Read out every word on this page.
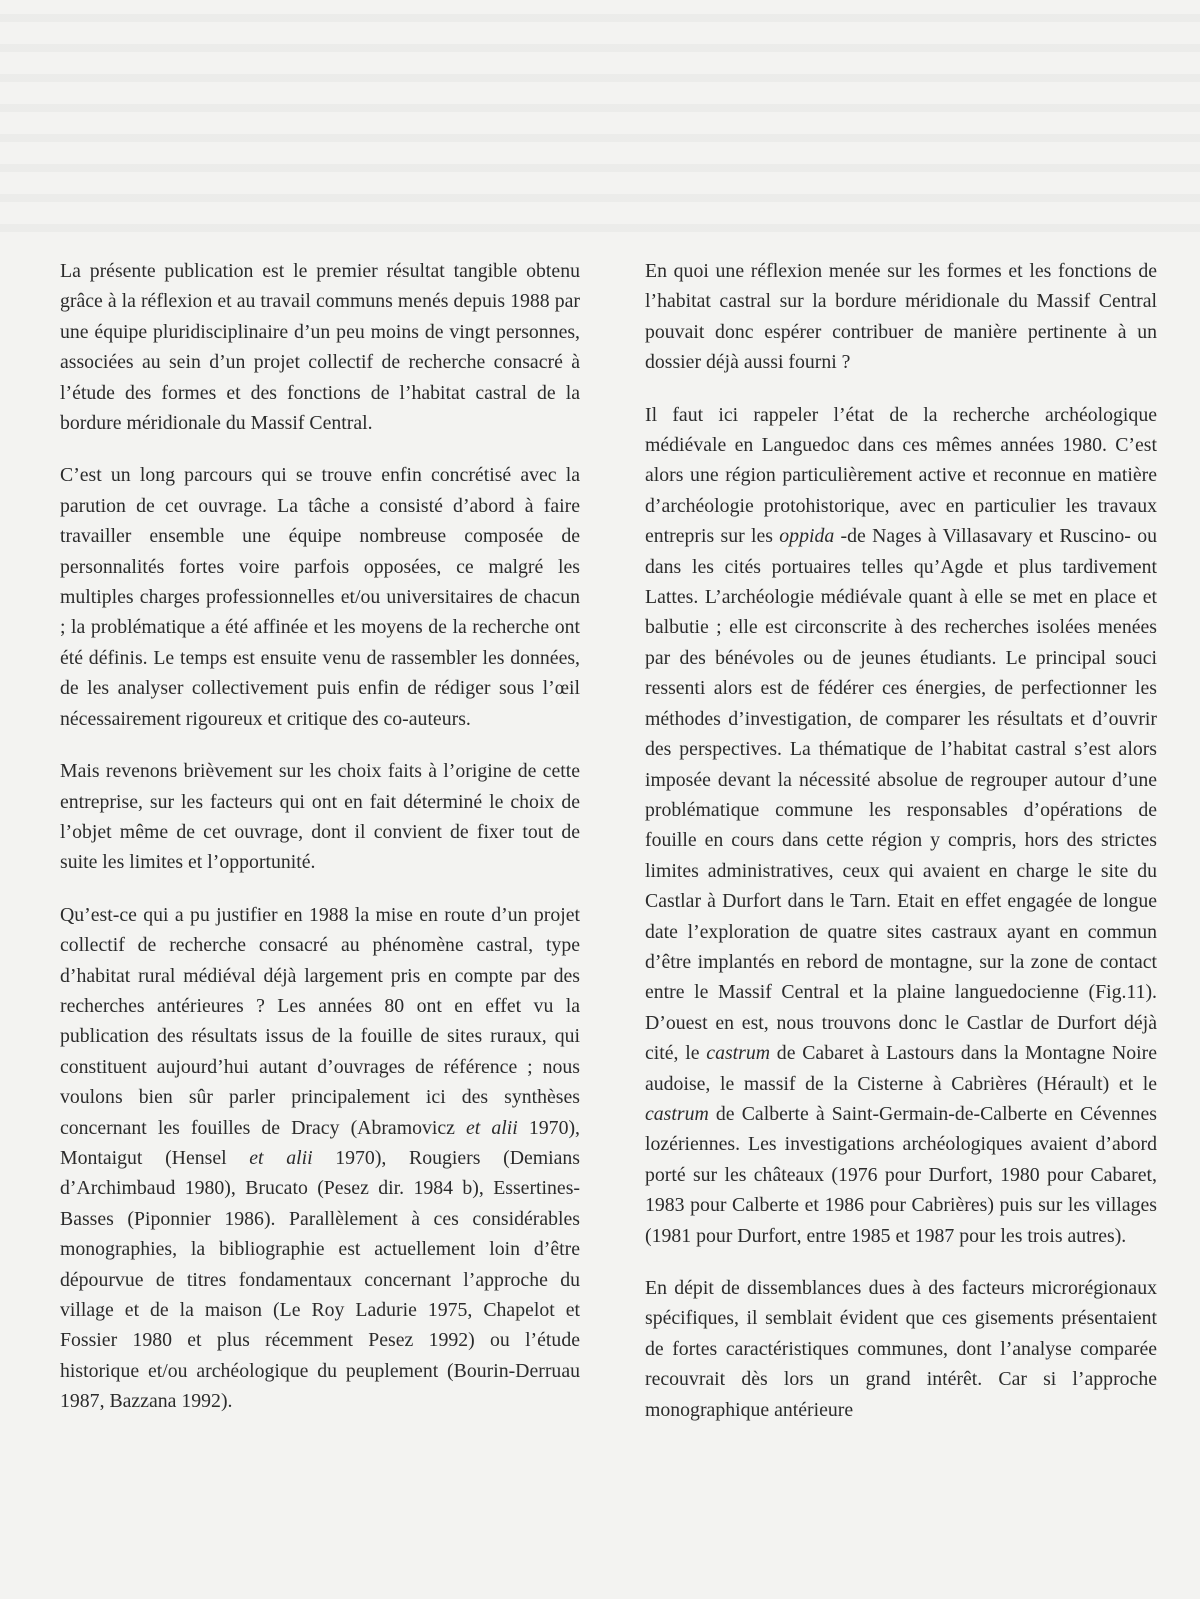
La présente publication est le premier résultat tangible obtenu grâce à la réflexion et au travail communs menés depuis 1988 par une équipe pluridisciplinaire d’un peu moins de vingt personnes, associées au sein d’un projet collectif de recherche consacré à l’étude des formes et des fonctions de l’habitat castral de la bordure méridionale du Massif Central.

C’est un long parcours qui se trouve enfin concrétisé avec la parution de cet ouvrage. La tâche a consisté d’abord à faire travailler ensemble une équipe nombreuse composée de personnalités fortes voire parfois opposées, ce malgré les multiples charges professionnelles et/ou universitaires de chacun ; la problématique a été affinée et les moyens de la recherche ont été définis. Le temps est ensuite venu de rassembler les données, de les analyser collectivement puis enfin de rédiger sous l’œil nécessairement rigoureux et critique des co-auteurs.

Mais revenons brièvement sur les choix faits à l’origine de cette entreprise, sur les facteurs qui ont en fait déterminé le choix de l’objet même de cet ouvrage, dont il convient de fixer tout de suite les limites et l’opportunité.

Qu’est-ce qui a pu justifier en 1988 la mise en route d’un projet collectif de recherche consacré au phénomène castral, type d’habitat rural médiéval déjà largement pris en compte par des recherches antérieures ? Les années 80 ont en effet vu la publication des résultats issus de la fouille de sites ruraux, qui constituent aujourd’hui autant d’ouvrages de référence ; nous voulons bien sûr parler principalement ici des synthèses concernant les fouilles de Dracy (Abramovicz et alii 1970), Montaigut (Hensel et alii 1970), Rougiers (Demians d’Archimbaud 1980), Brucato (Pesez dir. 1984 b), Essertines-Basses (Piponnier 1986). Parallèlement à ces considérables monographies, la bibliographie est actuellement loin d’être dépourvue de titres fondamentaux concernant l’approche du village et de la maison (Le Roy Ladurie 1975, Chapelot et Fossier 1980 et plus récemment Pesez 1992) ou l’étude historique et/ou archéologique du peuplement (Bourin-Derruau 1987, Bazzana 1992).

En quoi une réflexion menée sur les formes et les fonctions de l’habitat castral sur la bordure méridionale du Massif Central pouvait donc espérer contribuer de manière pertinente à un dossier déjà aussi fourni ?

Il faut ici rappeler l’état de la recherche archéologique médiévale en Languedoc dans ces mêmes années 1980. C’est alors une région particulièrement active et reconnue en matière d’archéologie protohistorique, avec en particulier les travaux entrepris sur les oppida -de Nages à Villasavary et Ruscino- ou dans les cités portuaires telles qu’Agde et plus tardivement Lattes. L’archéologie médiévale quant à elle se met en place et balbutie ; elle est circonscrite à des recherches isolées menées par des bénévoles ou de jeunes étudiants. Le principal souci ressenti alors est de fédérer ces énergies, de perfectionner les méthodes d’investigation, de comparer les résultats et d’ouvrir des perspectives. La thématique de l’habitat castral s’est alors imposée devant la nécessité absolue de regrouper autour d’une problématique commune les responsables d’opérations de fouille en cours dans cette région y compris, hors des strictes limites administratives, ceux qui avaient en charge le site du Castlar à Durfort dans le Tarn. Etait en effet engagée de longue date l’exploration de quatre sites castraux ayant en commun d’être implantés en rebord de montagne, sur la zone de contact entre le Massif Central et la plaine languedocienne (Fig.11). D’ouest en est, nous trouvons donc le Castlar de Durfort déjà cité, le castrum de Cabaret à Lastours dans la Montagne Noire audoise, le massif de la Cisterne à Cabrières (Hérault) et le castrum de Calberte à Saint-Germain-de-Calberte en Cévennes lozériennes. Les investigations archéologiques avaient d’abord porté sur les châteaux (1976 pour Durfort, 1980 pour Cabaret, 1983 pour Calberte et 1986 pour Cabrières) puis sur les villages (1981 pour Durfort, entre 1985 et 1987 pour les trois autres).

En dépit de dissemblances dues à des facteurs microrégionaux spécifiques, il semblait évident que ces gisements présentaient de fortes caractéristiques communes, dont l’analyse comparée recouvrait dès lors un grand intérêt. Car si l’approche monographique antérieure
